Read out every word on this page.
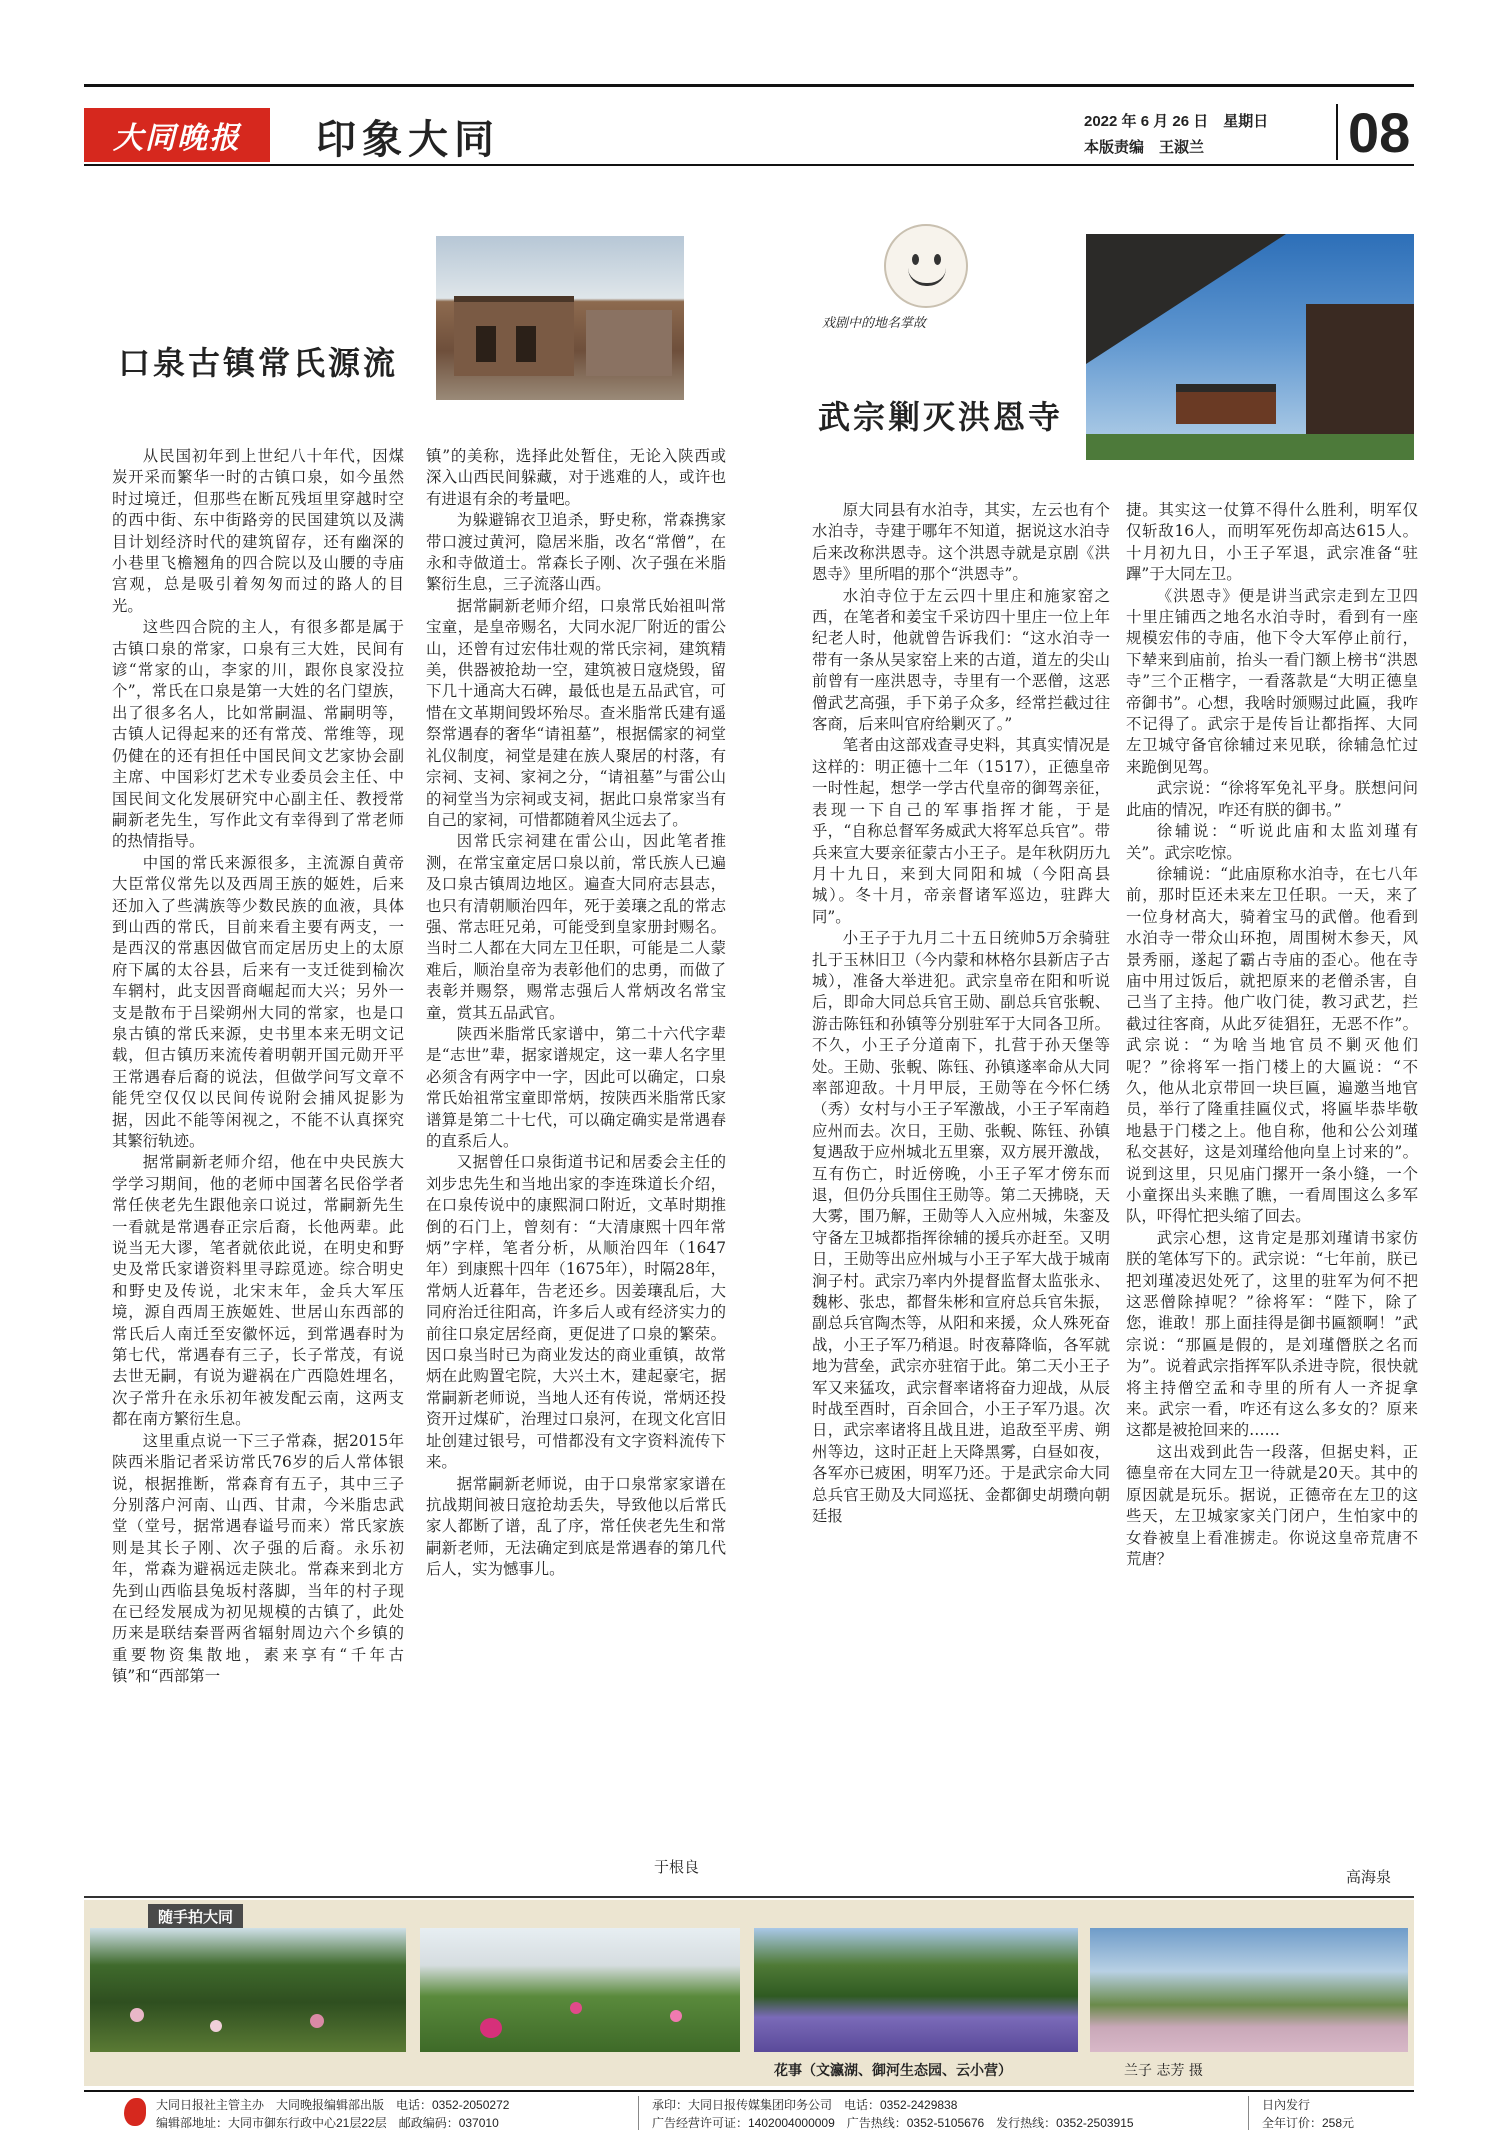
大同晚报	印象大同	2022 年 6 月 26 日　星期日
本版责编　王淑兰	08
口泉古镇常氏源流

从民国初年到上世纪八十年代，因煤炭开采而繁华一时的古镇口泉，如今虽然时过境迁，但那些在断瓦残垣里穿越时空的西中街、东中街路旁的民国建筑以及满目计划经济时代的建筑留存，还有幽深的小巷里飞檐翘角的四合院以及山腰的寺庙宫观，总是吸引着匆匆而过的路人的目光。

这些四合院的主人，有很多都是属于古镇口泉的常家，口泉有三大姓，民间有谚“常家的山，李家的川，跟你良家没拉个”，常氏在口泉是第一大姓的名门望族，出了很多名人，比如常嗣温、常嗣明等，古镇人记得起来的还有常茂、常维等，现仍健在的还有担任中国民间文艺家协会副主席、中国彩灯艺术专业委员会主任、中国民间文化发展研究中心副主任、教授常嗣新老先生，写作此文有幸得到了常老师的热情指导。

中国的常氏来源很多，主流源自黄帝大臣常仪常先以及西周王族的姬姓，后来还加入了些满族等少数民族的血液，具体到山西的常氏，目前来看主要有两支，一是西汉的常惠因做官而定居历史上的太原府下属的太谷县，后来有一支迁徙到榆次车辋村，此支因晋商崛起而大兴；另外一支是散布于吕梁朔州大同的常家，也是口泉古镇的常氏来源，史书里本来无明文记载，但古镇历来流传着明朝开国元勋开平王常遇春后裔的说法，但做学问写文章不能凭空仅仅以民间传说附会捕风捉影为据，因此不能等闲视之，不能不认真探究其繁衍轨迹。

据常嗣新老师介绍，他在中央民族大学学习期间，他的老师中国著名民俗学者常任侠老先生跟他亲口说过，常嗣新先生一看就是常遇春正宗后裔，长他两辈。此说当无大谬，笔者就依此说，在明史和野史及常氏家谱资料里寻踪觅迹。综合明史和野史及传说，北宋末年，金兵大军压境，源自西周王族姬姓、世居山东西部的常氏后人南迁至安徽怀远，到常遇春时为第七代，常遇春有三子，长子常茂，有说去世无嗣，有说为避祸在广西隐姓埋名，次子常升在永乐初年被发配云南，这两支都在南方繁衍生息。

这里重点说一下三子常森，据2015年陕西米脂记者采访常氏76岁的后人常体银说，根据推断，常森育有五子，其中三子分别落户河南、山西、甘肃，今米脂忠武堂（堂号，据常遇春谥号而来）常氏家族则是其长子刚、次子强的后裔。永乐初年，常森为避祸远走陕北。常森来到北方先到山西临县兔坂村落脚，当年的村子现在已经发展成为初见规模的古镇了，此处历来是联结秦晋两省辐射周边六个乡镇的重要物资集散地，素来享有“千年古镇”和“西部第一

镇”的美称，选择此处暂住，无论入陕西或深入山西民间躲藏，对于逃难的人，或许也有进退有余的考量吧。

为躲避锦衣卫追杀，野史称，常森携家带口渡过黄河，隐居米脂，改名“常僧”，在永和寺做道士。常森长子刚、次子强在米脂繁衍生息，三子流落山西。

据常嗣新老师介绍，口泉常氏始祖叫常宝童，是皇帝赐名，大同水泥厂附近的雷公山，还曾有过宏伟壮观的常氏宗祠，建筑精美，供器被抢劫一空，建筑被日寇烧毁，留下几十通高大石碑，最低也是五品武官，可惜在文革期间毁坏殆尽。查米脂常氏建有遥祭常遇春的奢华“请祖墓”，根据儒家的祠堂礼仪制度，祠堂是建在族人聚居的村落，有宗祠、支祠、家祠之分，“请祖墓”与雷公山的祠堂当为宗祠或支祠，据此口泉常家当有自己的家祠，可惜都随着风尘远去了。

因常氏宗祠建在雷公山，因此笔者推测，在常宝童定居口泉以前，常氏族人已遍及口泉古镇周边地区。遍查大同府志县志，也只有清朝顺治四年，死于姜瓖之乱的常志强、常志旺兄弟，可能受到皇家册封赐名。当时二人都在大同左卫任职，可能是二人蒙难后，顺治皇帝为表彰他们的忠勇，而做了表彰并赐祭，赐常志强后人常炳改名常宝童，赏其五品武官。

陕西米脂常氏家谱中，第二十六代字辈是“志世”辈，据家谱规定，这一辈人名字里必须含有两字中一字，因此可以确定，口泉常氏始祖常宝童即常炳，按陕西米脂常氏家谱算是第二十七代，可以确定确实是常遇春的直系后人。

又据曾任口泉街道书记和居委会主任的刘步忠先生和当地出家的李连珠道长介绍，在口泉传说中的康熙洞口附近，文革时期推倒的石门上，曾刻有：“大清康熙十四年常炳”字样，笔者分析，从顺治四年（1647年）到康熙十四年（1675年），时隔28年，常炳人近暮年，告老还乡。因姜瓖乱后，大同府治迁往阳高，许多后人或有经济实力的前往口泉定居经商，更促进了口泉的繁荣。因口泉当时已为商业发达的商业重镇，故常炳在此购置宅院，大兴土木，建起豪宅，据常嗣新老师说，当地人还有传说，常炳还投资开过煤矿，治理过口泉河，在现文化宫旧址创建过银号，可惜都没有文字资料流传下来。

据常嗣新老师说，由于口泉常家家谱在抗战期间被日寇抢劫丢失，导致他以后常氏家人都断了谱，乱了序，常任侠老先生和常嗣新老师，无法确定到底是常遇春的第几代后人，实为憾事儿。

于根良
戏剧中的地名掌故
武宗剿灭洪恩寺

原大同县有水泊寺，其实，左云也有个水泊寺，寺建于哪年不知道，据说这水泊寺后来改称洪恩寺。这个洪恩寺就是京剧《洪恩寺》里所唱的那个“洪恩寺”。

水泊寺位于左云四十里庄和施家窑之西，在笔者和姜宝千采访四十里庄一位上年纪老人时，他就曾告诉我们：“这水泊寺一带有一条从吴家窑上来的古道，道左的尖山前曾有一座洪恩寺，寺里有一个恶僧，这恶僧武艺高强，手下弟子众多，经常拦截过往客商，后来叫官府给剿灭了。”

笔者由这部戏查寻史料，其真实情况是这样的：明正德十二年（1517），正德皇帝一时性起，想学一学古代皇帝的御驾亲征，表现一下自己的军事指挥才能，于是乎，“自称总督军务威武大将军总兵官”。带兵来宣大要亲征蒙古小王子。是年秋阴历九月十九日，来到大同阳和城（今阳高县城）。冬十月，帝亲督诸军巡边，驻跸大同”。

小王子于九月二十五日统帅5万余骑驻扎于玉林旧卫（今内蒙和林格尔县新店子古城），准备大举进犯。武宗皇帝在阳和听说后，即命大同总兵官王勋、副总兵官张輗、游击陈钰和孙镇等分别驻军于大同各卫所。不久，小王子分道南下，扎营于孙天堡等处。王勋、张輗、陈钰、孙镇遂率命从大同率部迎敌。十月甲辰，王勋等在今怀仁绣（秀）女村与小王子军激战，小王子军南趋应州而去。次日，王勋、张輗、陈钰、孙镇复遇敌于应州城北五里寨，双方展开激战，互有伤亡，时近傍晚，小王子军才傍东而退，但仍分兵围住王勋等。第二天拂晓，天大雾，围乃解，王勋等人入应州城，朱銮及守备左卫城都指挥徐辅的援兵亦赶至。又明日，王勋等出应州城与小王子军大战于城南涧子村。武宗乃率内外提督监督太监张永、魏彬、张忠，都督朱彬和宣府总兵官朱振，副总兵官陶杰等，从阳和来援，众人殊死奋战，小王子军乃稍退。时夜幕降临，各军就地为营垒，武宗亦驻宿于此。第二天小王子军又来猛攻，武宗督率诸将奋力迎战，从辰时战至酉时，百余回合，小王子军乃退。次日，武宗率诸将且战且进，追敌至平虏、朔州等边，这时正赶上天降黑雾，白昼如夜，各军亦已疲困，明军乃还。于是武宗命大同总兵官王勋及大同巡抚、金都御史胡瓒向朝廷报

捷。其实这一仗算不得什么胜利，明军仅仅斩敌16人，而明军死伤却高达615人。十月初九日，小王子军退，武宗准备“驻蹕”于大同左卫。

《洪恩寺》便是讲当武宗走到左卫四十里庄铺西之地名水泊寺时，看到有一座规模宏伟的寺庙，他下令大军停止前行，下辇来到庙前，抬头一看门额上榜书“洪恩寺”三个正楷字，一看落款是“大明正德皇帝御书”。心想，我啥时颁赐过此匾，我咋不记得了。武宗于是传旨让都指挥、大同左卫城守备官徐辅过来见联，徐辅急忙过来跪倒见驾。

武宗说：“徐将军免礼平身。朕想问问此庙的情况，咋还有朕的御书。”

徐辅说：“听说此庙和太监刘瑾有关”。武宗吃惊。

徐辅说：“此庙原称水泊寺，在七八年前，那时臣还未来左卫任职。一天，来了一位身材高大，骑着宝马的武僧。他看到水泊寺一带众山环抱，周围树木参天，风景秀丽，遂起了霸占寺庙的歪心。他在寺庙中用过饭后，就把原来的老僧杀害，自己当了主持。他广收门徒，教习武艺，拦截过往客商，从此歹徒猖狂，无恶不作”。武宗说：“为啥当地官员不剿灭他们呢？”徐将军一指门楼上的大匾说：“不久，他从北京带回一块巨匾，遍邀当地官员，举行了隆重挂匾仪式，将匾毕恭毕敬地悬于门楼之上。他自称，他和公公刘瑾私交甚好，这是刘瑾给他向皇上讨来的”。说到这里，只见庙门摞开一条小缝，一个小童探出头来瞧了瞧，一看周围这么多军队，吓得忙把头缩了回去。

武宗心想，这肯定是那刘瑾请书家仿朕的笔体写下的。武宗说：“七年前，朕已把刘瑾凌迟处死了，这里的驻军为何不把这恶僧除掉呢？”徐将军：“陛下，除了您，谁敢！那上面挂得是御书匾额啊！”武宗说：“那匾是假的，是刘瑾僭朕之名而为”。说着武宗指挥军队杀进寺院，很快就将主持僧空孟和寺里的所有人一齐捉拿来。武宗一看，咋还有这么多女的？原来这都是被抢回来的……

这出戏到此告一段落，但据史料，正德皇帝在大同左卫一待就是20天。其中的原因就是玩乐。据说，正德帝在左卫的这些天，左卫城家家关门闭户，生怕家中的女眷被皇上看准掳走。你说这皇帝荒唐不荒唐？

高海泉
大同日报社主管主办　大同晚报编辑部出版　电话：0352-2050272
编辑部地址：大同市御东行政中心21层22层　邮政编码：037010
承印：大同日报传媒集团印务公司　电话：0352-2429838
广告经营许可证：1402004000009　广告热线：0352-5105676　发行热线：0352-2503915
日內发行
全年订价：258元
随手拍大同
花事（文瀛湖、御河生态园、云小营）	兰子 志芳 摄
